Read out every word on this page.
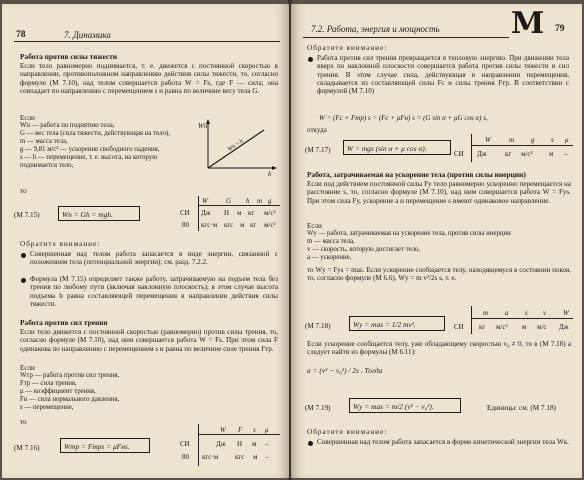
78	7. Динамика
Работа против силы тяжести
Если тело равномерно поднимается, т. е. движется с постоянной скоростью в направлении, противоположном направлению действия силы тяжести, то, согласно формуле (М 7.10), над телом совершается работа W = Fs, где F — сила; она совпадает по направлению с перемещением s и равна по величине весу тела G.
Если
Wп — работа по поднятию тела,
G — вес тела (сила тяжести, действующая на тело),
m — масса тела,
g — 9,81 м/с² — ускорение свободного падения,
s — h — перемещение, т. е. высота, на которую поднимается тело,
Wп
h
Wп ~ h
то
(М 7.15)	Wп = Gh = mgh.
W	G h m g
СИ Дж Н м кг м/с²
80 кгс·м кгс м кг м/с²
Обратите внимание:
Совершенная над телом работа запасается в виде энергии, связанной с положением тела (потенциальной энергии); см. разд. 7.2.2.
Формула (М 7.15) определяет также работу, затрачиваемую на подъем тела без трения по любому пути (включая наклонную плоскость); в этом случае высота подъема h равна составляющей перемещения в направлении действия силы тяжести.
Работа против сил трения
Если тело движется с постоянной скоростью (равномерно) против силы трения, то, согласно формуле (М 7.10), над ним совершается работа W = Fs. При этом сила F одинакова по направлению с перемещением s и равна по величине силе трения Fтр.
Если
Wтр — работа против сил трения,
Fтр — сила трения,
μ — коэффициент трения,
Fн — сила нормального давления,
s — перемещение,
то
(М 7.16)	Wтр = Fтрs = μFнs.
W F s μ
СИ	Дж Н м –
80 кгс·м кгс м –
7.2. Работа, энергия и мощность M 79
Обратите внимание:
Работа против сил трения превращается в тепловую энергию. При движении тела вверх по наклонной плоскости совершается работа против силы тяжести и сил трения. В этом случае сила, действующая в направлении перемещения, складывается из составляющей силы Fс и силы трения Fтр. В соответствии с формулой (М 7.10)
W = (Fс + Fтр) s = (Fс + μFн) s = (G sin α + μG cos α) s,
откуда
(М 7.17) W = mgs (sin α + μ cos α).
W	m g s μ
СИ Дж	кг м/с² м –
Работа, затрачиваемая на ускорение тела (против силы инерции)
Если под действием постоянной силы Fу тело равномерно ускоренно перемещается на расстояние s, то, согласно формуле (М 7.10), над ним совершается работа W = Fуs. При этом сила Fу, ускорение a и перемещение s имеют одинаковое направление.
Если
Wу — работа, затрачиваемая на ускорение тела, против силы инерции
m — масса тела,
v — скорость, которую достигает тело,
a — ускорение,
то Wу = Fуs = mas. Если ускорение сообщается телу, находящемуся в состоянии покоя, то, согласно формуле (М 6.6), Wу = m v²/2s s, т. е.
(М 7.18)	Wу = mas = 1/2 mv².
m a s v W
СИ кг м/с² м м/с Дж
Если ускорение сообщается телу, уже обладающему скоростью v₀ ≠ 0, то в (М 7.18) a следует найти из формулы (М 6.11):
a = (v² − v₀²) / 2s . Тогда
(М 7.19)	Wу = mas = m/2 (v² − v₀²).	Единицы: см. (М 7.18)
Обратите внимание:
Совершенная над телом работа запасается в форме кинетической энергии тела Wк.
